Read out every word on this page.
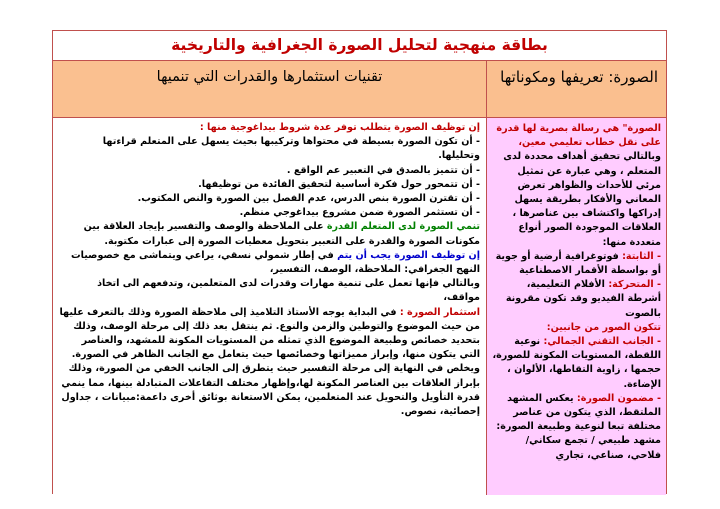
بطاقة منهجية لتحليل الصورة الجغرافية والتاريخية
الصورة: تعريفها ومكوناتها
تقنيات استثمارها والقدرات التي تنميها

الصورة" هي رسالة بصرية لها قدرة على نقل خطاب تعليمي معين، وبالتالي تحقيق أهداف محددة لدى المتعلم ، وهي عبارة عن تمثيل مرئي للأحداث والظواهر تعرض المعاني والأفكار بطريقة يسهل إدراكها واكتشاف بين عناصرها ، العلاقات الموجودة الصور أنواع متعددة منها:

- الثابتة: فوتوغرافية أرضية أو جوية أو بواسطة الأقمار الاصطناعية

- المتحركة: الأفلام التعليمية، أشرطة الفيديو وقد تكون مقرونة بالصوت

تتكون الصور من جانبين:

- الجانب التقني الجمالي: نوعية اللقطة، المستويات المكونة للصورة، حجمها ، زاوية التقاطها، الألوان ، الإضاءة.

- مضمون الصورة: يعكس المشهد الملتقط، الذي يتكون من عناصر مختلفة تبعا لنوعية وطبيعة الصورة: مشهد طبيعي / تجمع سكاني/ فلاحي، صناعي، تجاري

إن توظيف الصورة يتطلب توفر عدة شروط بيداغوجية منها :

- أن تكون الصورة بسيطة في محتواها وتركيبها بحيث يسهل على المتعلم قراءتها وتحليلها.

- أن تتميز بالصدق في التعبير عم الواقع .

- أن تتمحور حول فكرة أساسية لتحقيق الفائدة من توظيفها.

- أن تقترن الصورة بنص الدرس، عدم الفصل بين الصورة والنص المكتوب.

- أن تستثمر الصورة ضمن مشروع بيداغوجي منظم.

تنمي الصورة لدى المتعلم القدرة على الملاحظة والوصف والتفسير بإيجاد العلاقة بين مكونات الصورة والقدرة على التعبير بتحويل معطيات الصورة إلى عبارات مكتوبة.

إن توظيف الصورة يجب أن يتم في إطار شمولي نسقي، يراعي ويتماشى مع خصوصيات النهج الجغرافي: الملاحظة، الوصف، التفسير،

وبالتالي فإنها تعمل على تنمية مهارات وقدرات لدى المتعلمين، وتدفعهم الى اتخاذ مواقف،

استثمار الصورة : في البداية يوجه الأستاذ التلاميذ إلى ملاحظة الصورة وذلك بالتعرف عليها من حيث الموضوع والتوطين والزمن والنوع. ثم ينتقل بعد ذلك إلى مرحلة الوصف، وذلك بتحديد خصائص وطبيعة الموضوع الذي تمثله من المستويات المكونة للمشهد، والعناصر التي يتكون منها، وإبراز مميزاتها وخصائصها حيث يتعامل مع الجانب الظاهر في الصورة.

ويخلص في النهاية إلى مرحلة التفسير حيث يتطرق إلى الجانب الخفي من الصورة، وذلك بإبراز العلاقات بين العناصر المكونة لها،وإظهار مختلف التفاعلات المتبادلة بينها، مما ينمي قدرة التأويل والتحويل عند المتعلمين، يمكن الاستعانة بوثائق أخرى داعمة:مبيانات ، جداول إحصائية، نصوص.
